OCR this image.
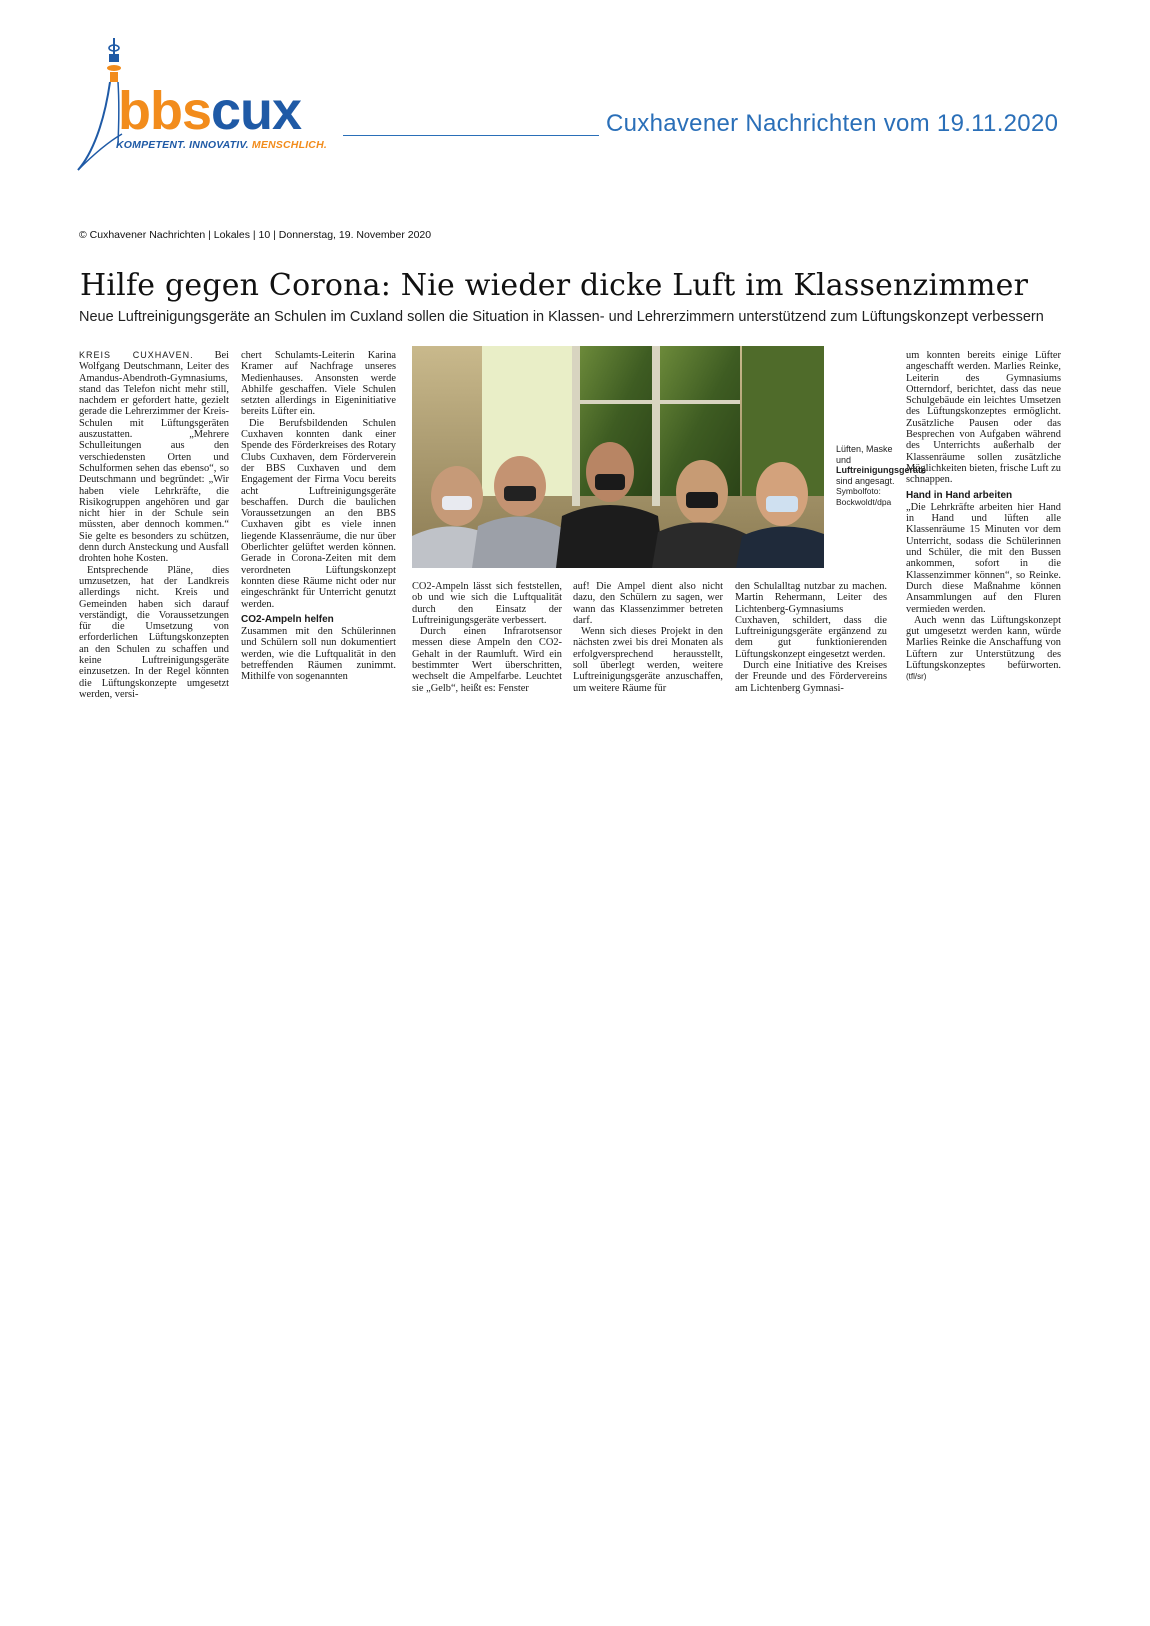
bbscux
KOMPETENT. INNOVATIV. MENSCHLICH.
Cuxhavener Nachrichten vom 19.11.2020
© Cuxhavener Nachrichten | Lokales | 10 | Donnerstag, 19. November 2020
Hilfe gegen Corona: Nie wieder dicke Luft im Klassenzimmer
Neue Luftreinigungsgeräte an Schulen im Cuxland sollen die Situation in Klassen- und Lehrerzimmern unterstützend zum Lüftungskonzept verbessern

KREIS CUXHAVEN. Bei Wolfgang Deutschmann, Leiter des Amandus-Abendroth-Gymnasiums, stand das Telefon nicht mehr still, nachdem er gefordert hatte, gezielt gerade die Lehrerzimmer der Kreis-Schulen mit Lüftungsgeräten auszustatten. „Mehrere Schulleitungen aus den verschiedensten Orten und Schulformen sehen das ebenso“, so Deutschmann und begründet: „Wir haben viele Lehrkräfte, die Risikogruppen angehören und gar nicht hier in der Schule sein müssten, aber dennoch kommen.“ Sie gelte es besonders zu schützen, denn durch Ansteckung und Ausfall drohten hohe Kosten.

Entsprechende Pläne, dies umzusetzen, hat der Landkreis allerdings nicht. Kreis und Gemeinden haben sich darauf verständigt, die Voraussetzungen für die Umsetzung von erforderlichen Lüftungskonzepten an den Schulen zu schaffen und keine Luftreinigungsgeräte einzusetzen. In der Regel könnten die Lüftungskonzepte umgesetzt werden, versi-

chert Schulamts-Leiterin Karina Kramer auf Nachfrage unseres Medienhauses. Ansonsten werde Abhilfe geschaffen. Viele Schulen setzten allerdings in Eigeninitiative bereits Lüfter ein.

Die Berufsbildenden Schulen Cuxhaven konnten dank einer Spende des Förderkreises des Rotary Clubs Cuxhaven, dem Förderverein der BBS Cuxhaven und dem Engagement der Firma Vocu bereits acht Luftreinigungsgeräte beschaffen. Durch die baulichen Voraussetzungen an den BBS Cuxhaven gibt es viele innen liegende Klassenräume, die nur über Oberlichter gelüftet werden können. Gerade in Corona-Zeiten mit dem verordneten Lüftungskonzept konnten diese Räume nicht oder nur eingeschränkt für Unterricht genutzt werden.

CO2-Ampeln helfen

Zusammen mit den Schülerinnen und Schülern soll nun dokumentiert werden, wie die Luftqualität in den betreffenden Räumen zunimmt. Mithilfe von sogenannten

Lüften, Maske und Luftreinigungsgeräte sind angesagt.
Symbolfoto: Bockwoldt/dpa

CO2-Ampeln lässt sich feststellen, ob und wie sich die Luftqualität durch den Einsatz der Luftreinigungsgeräte verbessert.

Durch einen Infrarotsensor messen diese Ampeln den CO2-Gehalt in der Raumluft. Wird ein bestimmter Wert überschritten, wechselt die Ampelfarbe. Leuchtet sie „Gelb“, heißt es: Fenster

auf! Die Ampel dient also nicht dazu, den Schülern zu sagen, wer wann das Klassenzimmer betreten darf.

Wenn sich dieses Projekt in den nächsten zwei bis drei Monaten als erfolgversprechend herausstellt, soll überlegt werden, weitere Luftreinigungsgeräte anzuschaffen, um weitere Räume für

den Schulalltag nutzbar zu machen. Martin Rehermann, Leiter des Lichtenberg-Gymnasiums Cuxhaven, schildert, dass die Luftreinigungsgeräte ergänzend zu dem gut funktionierenden Lüftungskonzept eingesetzt werden.

Durch eine Initiative des Kreises der Freunde und des Fördervereins am Lichtenberg Gymnasi-

um konnten bereits einige Lüfter angeschafft werden. Marlies Reinke, Leiterin des Gymnasiums Otterndorf, berichtet, dass das neue Schulgebäude ein leichtes Umsetzen des Lüftungskonzeptes ermöglicht. Zusätzliche Pausen oder das Besprechen von Aufgaben während des Unterrichts außerhalb der Klassenräume sollen zusätzliche Möglichkeiten bieten, frische Luft zu schnappen.

Hand in Hand arbeiten

„Die Lehrkräfte arbeiten hier Hand in Hand und lüften alle Klassenräume 15 Minuten vor dem Unterricht, sodass die Schülerinnen und Schüler, die mit den Bussen ankommen, sofort in die Klassenzimmer können“, so Reinke. Durch diese Maßnahme können Ansammlungen auf den Fluren vermieden werden.

Auch wenn das Lüftungskonzept gut umgesetzt werden kann, würde Marlies Reinke die Anschaffung von Lüftern zur Unterstützung des Lüftungskonzeptes befürworten. (tfl/sr)
